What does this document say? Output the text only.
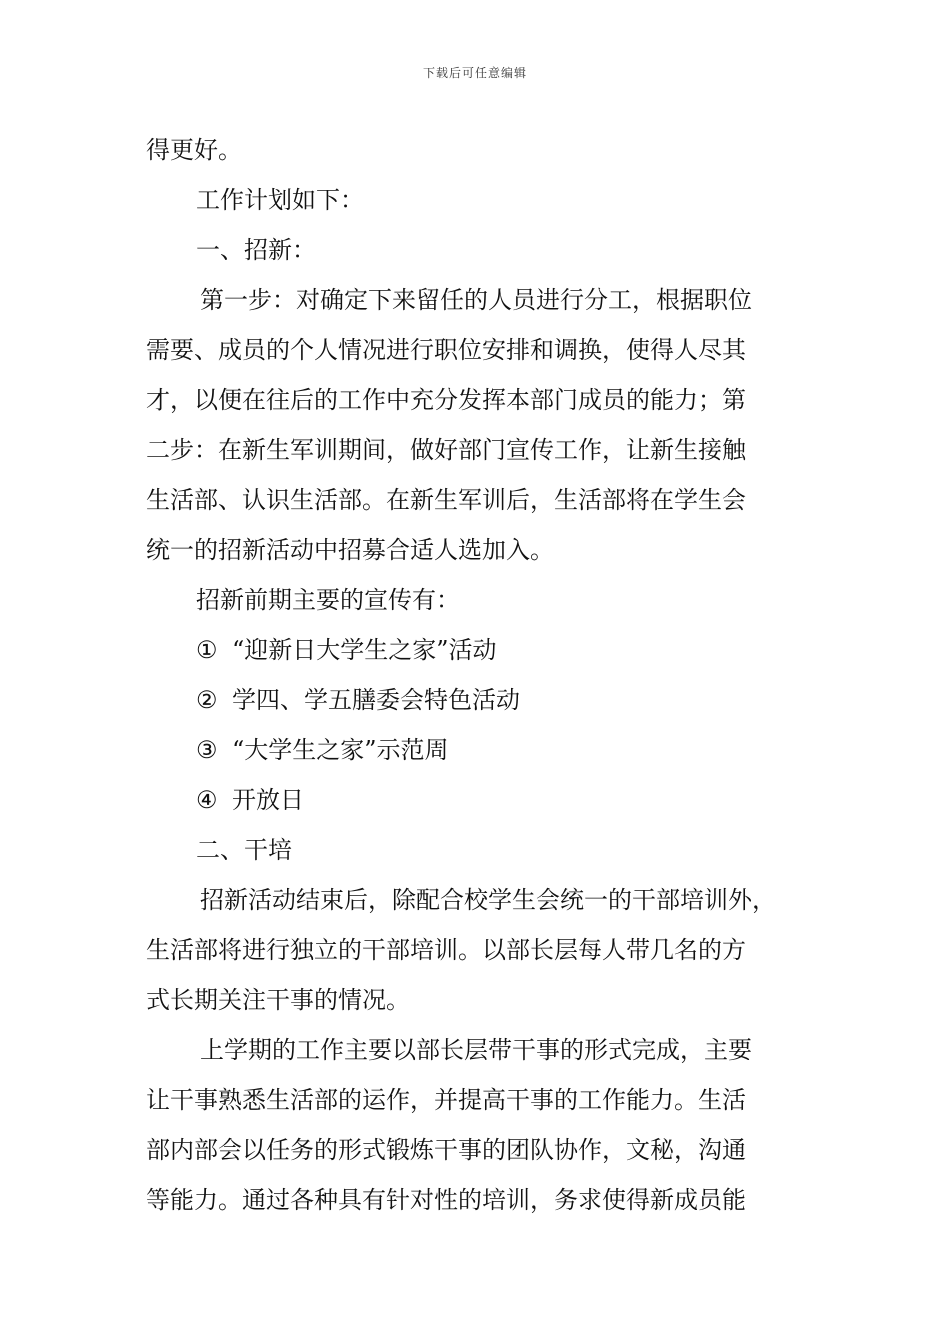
下载后可任意编辑
得更好。
工作计划如下：
一、招新：
第一步：对确定下来留任的人员进行分工，根据职位
需要、成员的个人情况进行职位安排和调换，使得人尽其
才，以便在往后的工作中充分发挥本部门成员的能力；第
二步：在新生军训期间，做好部门宣传工作，让新生接触
生活部、认识生活部。在新生军训后，生活部将在学生会
统一的招新活动中招募合适人选加入。
招新前期主要的宣传有：
① “迎新日大学生之家”活动
② 学四、学五膳委会特色活动
③ “大学生之家”示范周
④ 开放日
二、干培
招新活动结束后，除配合校学生会统一的干部培训外，
生活部将进行独立的干部培训。以部长层每人带几名的方
式长期关注干事的情况。
上学期的工作主要以部长层带干事的形式完成，主要
让干事熟悉生活部的运作，并提高干事的工作能力。生活
部内部会以任务的形式锻炼干事的团队协作，文秘，沟通
等能力。通过各种具有针对性的培训，务求使得新成员能
